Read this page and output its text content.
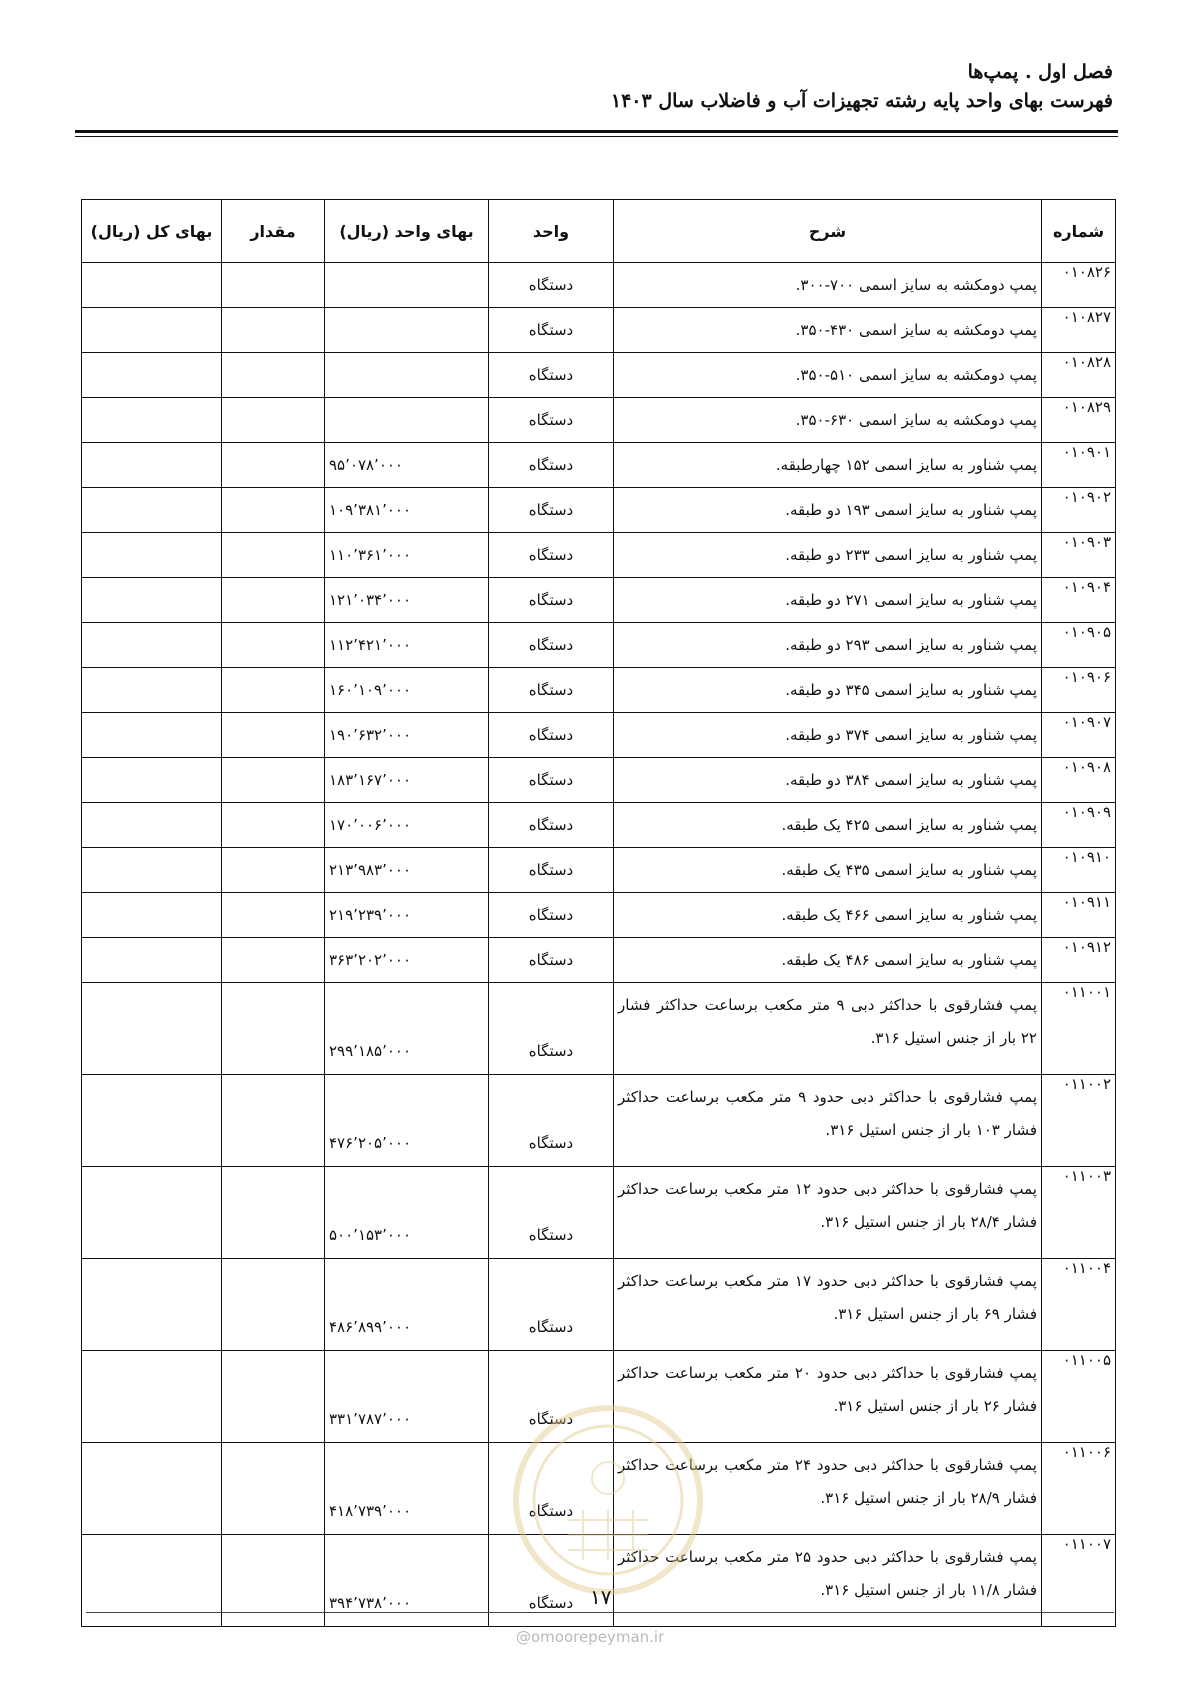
فصل اول . پمپ‌ها
فهرست بهای واحد پایه رشته تجهیزات آب و فاضلاب سال ۱۴۰۳
شماره	شرح	واحد	بهای واحد (ریال)	مقدار	بهای کل (ریال)
۰۱۰۸۲۶	پمپ دومکشه به سایز اسمی ۷۰۰-۳۰۰.	دستگاه			
۰۱۰۸۲۷	پمپ دومکشه به سایز اسمی ۴۳۰-۳۵۰.	دستگاه			
۰۱۰۸۲۸	پمپ دومکشه به سایز اسمی ۵۱۰-۳۵۰.	دستگاه			
۰۱۰۸۲۹	پمپ دومکشه به سایز اسمی ۶۳۰-۳۵۰.	دستگاه			
۰۱۰۹۰۱	پمپ شناور به سایز اسمی ۱۵۲ چهارطبقه.	دستگاه	۹۵٬۰۷۸٬۰۰۰		
۰۱۰۹۰۲	پمپ شناور به سایز اسمی ۱۹۳ دو طبقه.	دستگاه	۱۰۹٬۳۸۱٬۰۰۰		
۰۱۰۹۰۳	پمپ شناور به سایز اسمی ۲۳۳ دو طبقه.	دستگاه	۱۱۰٬۳۶۱٬۰۰۰		
۰۱۰۹۰۴	پمپ شناور به سایز اسمی ۲۷۱ دو طبقه.	دستگاه	۱۲۱٬۰۳۴٬۰۰۰		
۰۱۰۹۰۵	پمپ شناور به سایز اسمی ۲۹۳ دو طبقه.	دستگاه	۱۱۲٬۴۲۱٬۰۰۰		
۰۱۰۹۰۶	پمپ شناور به سایز اسمی ۳۴۵ دو طبقه.	دستگاه	۱۶۰٬۱۰۹٬۰۰۰		
۰۱۰۹۰۷	پمپ شناور به سایز اسمی ۳۷۴ دو طبقه.	دستگاه	۱۹۰٬۶۳۲٬۰۰۰		
۰۱۰۹۰۸	پمپ شناور به سایز اسمی ۳۸۴ دو طبقه.	دستگاه	۱۸۳٬۱۶۷٬۰۰۰		
۰۱۰۹۰۹	پمپ شناور به سایز اسمی ۴۲۵ یک طبقه.	دستگاه	۱۷۰٬۰۰۶٬۰۰۰		
۰۱۰۹۱۰	پمپ شناور به سایز اسمی ۴۳۵ یک طبقه.	دستگاه	۲۱۳٬۹۸۳٬۰۰۰		
۰۱۰۹۱۱	پمپ شناور به سایز اسمی ۴۶۶ یک طبقه.	دستگاه	۲۱۹٬۲۳۹٬۰۰۰		
۰۱۰۹۱۲	پمپ شناور به سایز اسمی ۴۸۶ یک طبقه.	دستگاه	۳۶۳٬۲۰۲٬۰۰۰		
۰۱۱۰۰۱	پمپ فشارقوی با حداکثر دبی ۹ متر مکعب برساعت حداکثر فشار ۲۲ بار از جنس استیل ۳۱۶.	دستگاه	۲۹۹٬۱۸۵٬۰۰۰		
۰۱۱۰۰۲	پمپ فشارقوی با حداکثر دبی حدود ۹ متر مکعب برساعت حداکثر فشار ۱۰۳ بار از جنس استیل ۳۱۶.	دستگاه	۴۷۶٬۲۰۵٬۰۰۰		
۰۱۱۰۰۳	پمپ فشارقوی با حداکثر دبی حدود ۱۲ متر مکعب برساعت حداکثر فشار ۲۸/۴ بار از جنس استیل ۳۱۶.	دستگاه	۵۰۰٬۱۵۳٬۰۰۰		
۰۱۱۰۰۴	پمپ فشارقوی با حداکثر دبی حدود ۱۷ متر مکعب برساعت حداکثر فشار ۶۹ بار از جنس استیل ۳۱۶.	دستگاه	۴۸۶٬۸۹۹٬۰۰۰		
۰۱۱۰۰۵	پمپ فشارقوی با حداکثر دبی حدود ۲۰ متر مکعب برساعت حداکثر فشار ۲۶ بار از جنس استیل ۳۱۶.	دستگاه	۳۳۱٬۷۸۷٬۰۰۰		
۰۱۱۰۰۶	پمپ فشارقوی با حداکثر دبی حدود ۲۴ متر مکعب برساعت حداکثر فشار ۲۸/۹ بار از جنس استیل ۳۱۶.	دستگاه	۴۱۸٬۷۳۹٬۰۰۰		
۰۱۱۰۰۷	پمپ فشارقوی با حداکثر دبی حدود ۲۵ متر مکعب برساعت حداکثر فشار ۱۱/۸ بار از جنس استیل ۳۱۶.	دستگاه	۳۹۴٬۷۳۸٬۰۰۰			۱۷
@omoorepeyman.ir
